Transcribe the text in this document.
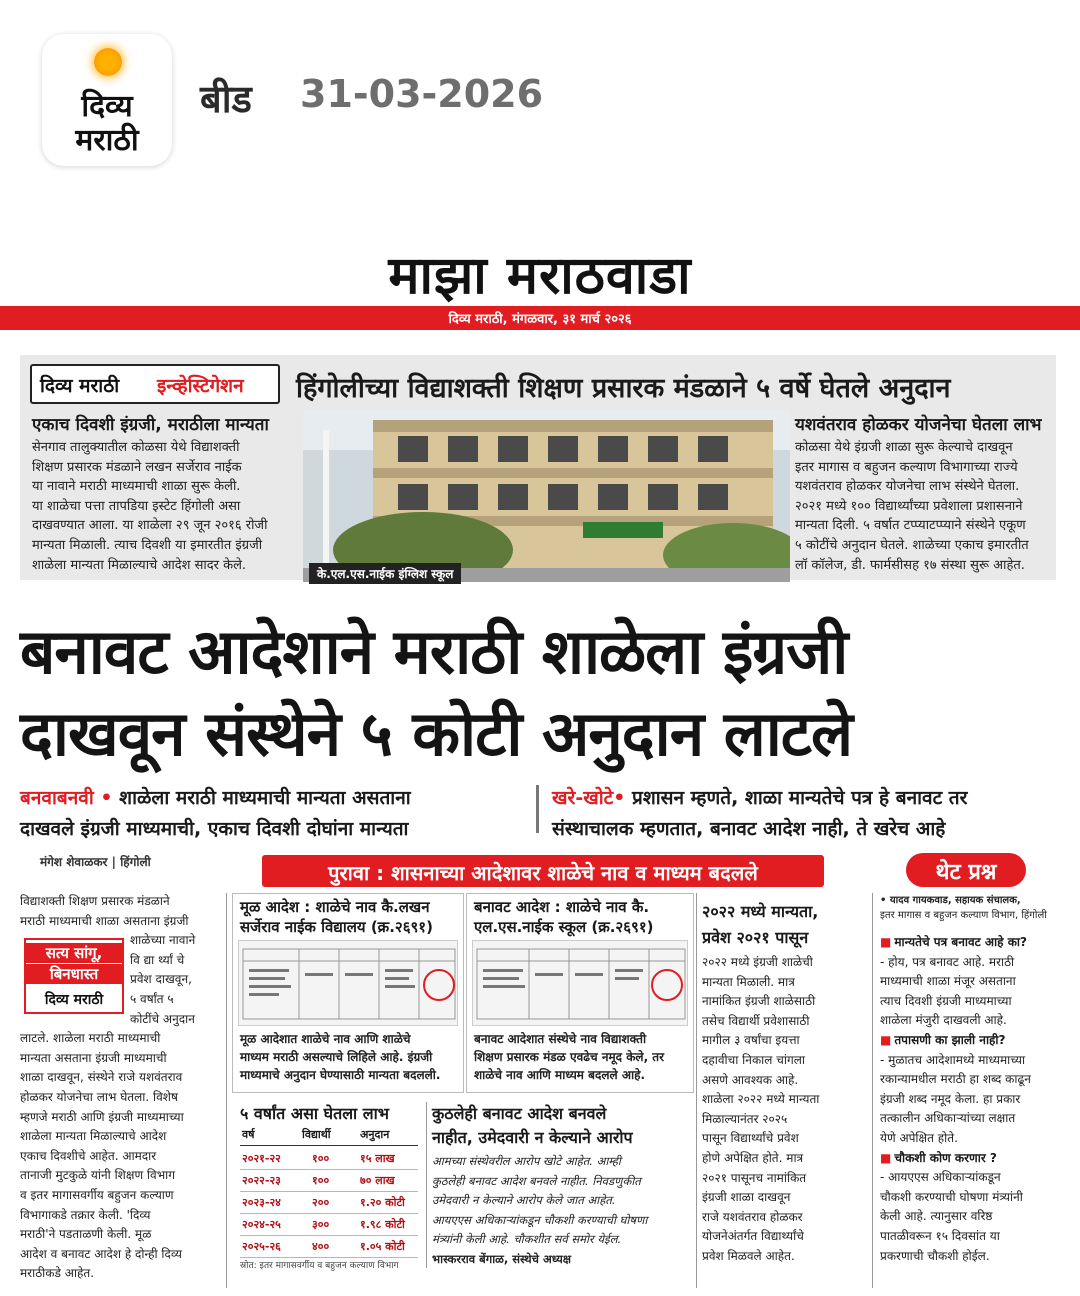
दिव्य
मराठी
बीड 31-03-2026
माझा मराठवाडा
दिव्य मराठी, मंगळवार, ३१ मार्च २०२६
दिव्य मराठी इन्व्हेस्टिगेशन हिंगोलीच्या विद्याशक्ती शिक्षण प्रसारक मंडळाने ५ वर्षे घेतले अनुदान
एकाच दिवशी इंग्रजी, मराठीला मान्यता
सेनगाव तालुक्यातील कोळसा येथे विद्याशक्ती
शिक्षण प्रसारक मंडळाने लखन सर्जेराव नाईक
या नावाने मराठी माध्यमाची शाळा सुरू केली.
या शाळेचा पत्ता तापडिया इस्टेट हिंगोली असा
दाखवण्यात आला. या शाळेला २९ जून २०१६ रोजी
मान्यता मिळाली. त्याच दिवशी या इमारतीत इंग्रजी
शाळेला मान्यता मिळाल्याचे आदेश सादर केले.
के.एल.एस.नाईक इंग्लिश स्कूल
यशवंतराव होळकर योजनेचा घेतला लाभ
कोळसा येथे इंग्रजी शाळा सुरू केल्याचे दाखवून
इतर मागास व बहुजन कल्याण विभागाच्या राज्ये
यशवंतराव होळकर योजनेचा लाभ संस्थेने घेतला.
२०२१ मध्ये १०० विद्यार्थ्यांच्या प्रवेशाला प्रशासनाने
मान्यता दिली. ५ वर्षात टप्प्याटप्प्याने संस्थेने एकूण
५ कोटींचे अनुदान घेतले. शाळेच्या एकाच इमारतीत
लॉ कॉलेज, डी. फार्मसीसह १७ संस्था सुरू आहेत.
बनावट आदेशाने मराठी शाळेला इंग्रजी
दाखवून संस्थेने ५ कोटी अनुदान लाटले
बनवाबनवी • शाळेला मराठी माध्यमाची मान्यता असताना
दाखवले इंग्रजी माध्यमाची, एकाच दिवशी दोघांना मान्यता
खरे-खोटे• प्रशासन म्हणते, शाळा मान्यतेचे पत्र हे बनावट तर
संस्थाचालक म्हणतात, बनावट आदेश नाही, ते खरेच आहे
मंगेश शेवाळकर | हिंगोली	पुरावा : शासनाच्या आदेशावर शाळेचे नाव व माध्यम बदलले	थेट प्रश्न
विद्याशक्ती शिक्षण प्रसारक मंडळाने
मराठी माध्यमाची शाळा असताना इंग्रजी
शाळेच्या नावाने
वि द्या र्थ्यां चे
प्रवेश दाखवून,
५ वर्षांत ५
कोटींचे अनुदान
लाटले. शाळेला मराठी माध्यमाची
मान्यता असताना इंग्रजी माध्यमाची
शाळा दाखवून, संस्थेने राजे यशवंतराव
होळकर योजनेचा लाभ घेतला. विशेष
म्हणजे मराठी आणि इंग्रजी माध्यमाच्या
शाळेला मान्यता मिळाल्याचे आदेश
एकाच दिवशीचे आहेत. आमदार
तानाजी मुटकुळे यांनी शिक्षण विभाग
व इतर मागासवर्गीय बहुजन कल्याण
विभागाकडे तक्रार केली. 'दिव्य
मराठी'ने पडताळणी केली. मूळ
आदेश व बनावट आदेश हे दोन्ही दिव्य
मराठीकडे आहेत.
सत्य सांगू,
बिनधास्त
दिव्य मराठी
मूळ आदेश : शाळेचे नाव कै.लखन
सर्जेराव नाईक विद्यालय (क्र.२६९१)
मूळ आदेशात शाळेचे नाव आणि शाळेचे
माध्यम मराठी असल्याचे लिहिले आहे. इंग्रजी
माध्यमाचे अनुदान घेण्यासाठी मान्यता बदलली.
बनावट आदेश : शाळेचे नाव कै.
एल.एस.नाईक स्कूल (क्र.२६९१)
बनावट आदेशात संस्थेचे नाव विद्याशक्ती
शिक्षण प्रसारक मंडळ एवढेच नमूद केले, तर
शाळेचे नाव आणि माध्यम बदलले आहे.
५ वर्षांत असा घेतला लाभ
वर्ष	विद्यार्थी	अनुदान
२०२१-२२	१००	१५ लाख
२०२२-२३	१००	७० लाख
२०२३-२४	२००	१.२० कोटी
२०२४-२५	३००	१.९८ कोटी
२०२५-२६	४००	१.०५ कोटी
स्रोत: इतर मागासवर्गीय व बहुजन कल्याण विभाग
कुठलेही बनावट आदेश बनवले
नाहीत, उमेदवारी न केल्याने आरोप
आमच्या संस्थेवरील आरोप खोटे आहेत. आम्ही
कुठलेही बनावट आदेश बनवले नाहीत. निवडणुकीत
उमेदवारी न केल्याने आरोप केले जात आहेत.
आयएएस अधिकाऱ्यांकडून चौकशी करण्याची घोषणा
मंत्र्यांनी केली आहे. चौकशीत सर्व समोर येईल.
भास्करराव बेंगाळ, संस्थेचे अध्यक्ष
२०२२ मध्ये मान्यता,
प्रवेश २०२१ पासून
२०२२ मध्ये इंग्रजी शाळेची
मान्यता मिळाली. मात्र
नामांकित इंग्रजी शाळेसाठी
तसेच विद्यार्थी प्रवेशासाठी
मागील ३ वर्षांचा इयत्ता
दहावीचा निकाल चांगला
असणे आवश्यक आहे.
शाळेला २०२२ मध्ये मान्यता
मिळाल्यानंतर २०२५
पासून विद्यार्थ्यांचे प्रवेश
होणे अपेक्षित होते. मात्र
२०२१ पासूनच नामांकित
इंग्रजी शाळा दाखवून
राजे यशवंतराव होळकर
योजनेअंतर्गत विद्यार्थ्यांचे
प्रवेश मिळवले आहेत.
• यादव गायकवाड, सहायक संचालक,
इतर मागास व बहुजन कल्याण विभाग, हिंगोली
■ मान्यतेचे पत्र बनावट आहे का?
- होय, पत्र बनावट आहे. मराठी
माध्यमाची शाळा मंजूर असताना
त्याच दिवशी इंग्रजी माध्यमाच्या
शाळेला मंजुरी दाखवली आहे.
■ तपासणी का झाली नाही?
- मुळातच आदेशामध्ये माध्यमाच्या
रकान्यामधील मराठी हा शब्द काढून
इंग्रजी शब्द नमूद केला. हा प्रकार
तत्कालीन अधिकाऱ्यांच्या लक्षात
येणे अपेक्षित होते.
■ चौकशी कोण करणार ?
- आयएएस अधिकाऱ्यांकडून
चौकशी करण्याची घोषणा मंत्र्यांनी
केली आहे. त्यानुसार वरिष्ठ
पातळीवरून १५ दिवसांत या
प्रकरणाची चौकशी होईल.
